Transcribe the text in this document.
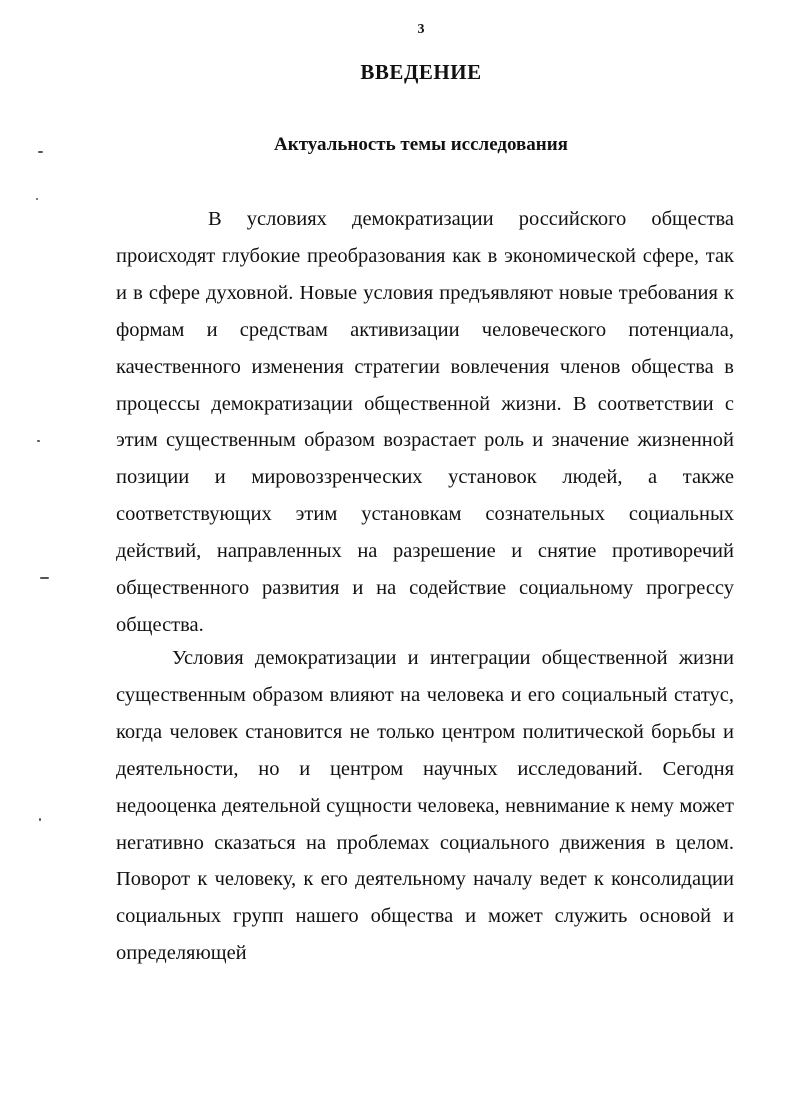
3
ВВЕДЕНИЕ
Актуальность темы исследования

В условиях демократизации российского общества происходят глубокие преобразования как в экономической сфере, так и в сфере духовной. Новые условия предъявляют новые требования к формам и средствам активизации человеческого потенциала, качественного изменения стратегии вовлечения членов общества в процессы демократизации общественной жизни. В соответствии с этим существенным образом возрастает роль и значение жизненной позиции и мировоззренческих установок людей, а также соответствующих этим установкам сознательных социальных действий, направленных на разрешение и снятие противоречий общественного развития и на содействие социальному прогрессу общества.

Условия демократизации и интеграции общественной жизни существенным образом влияют на человека и его социальный статус, когда человек становится не только центром политической борьбы и деятельности, но и центром научных исследований. Сегодня недооценка деятельной сущности человека, невнимание к нему может негативно сказаться на проблемах социального движения в целом. Поворот к человеку, к его деятельному началу ведет к консолидации социальных групп нашего общества и может служить основой и определяющей
